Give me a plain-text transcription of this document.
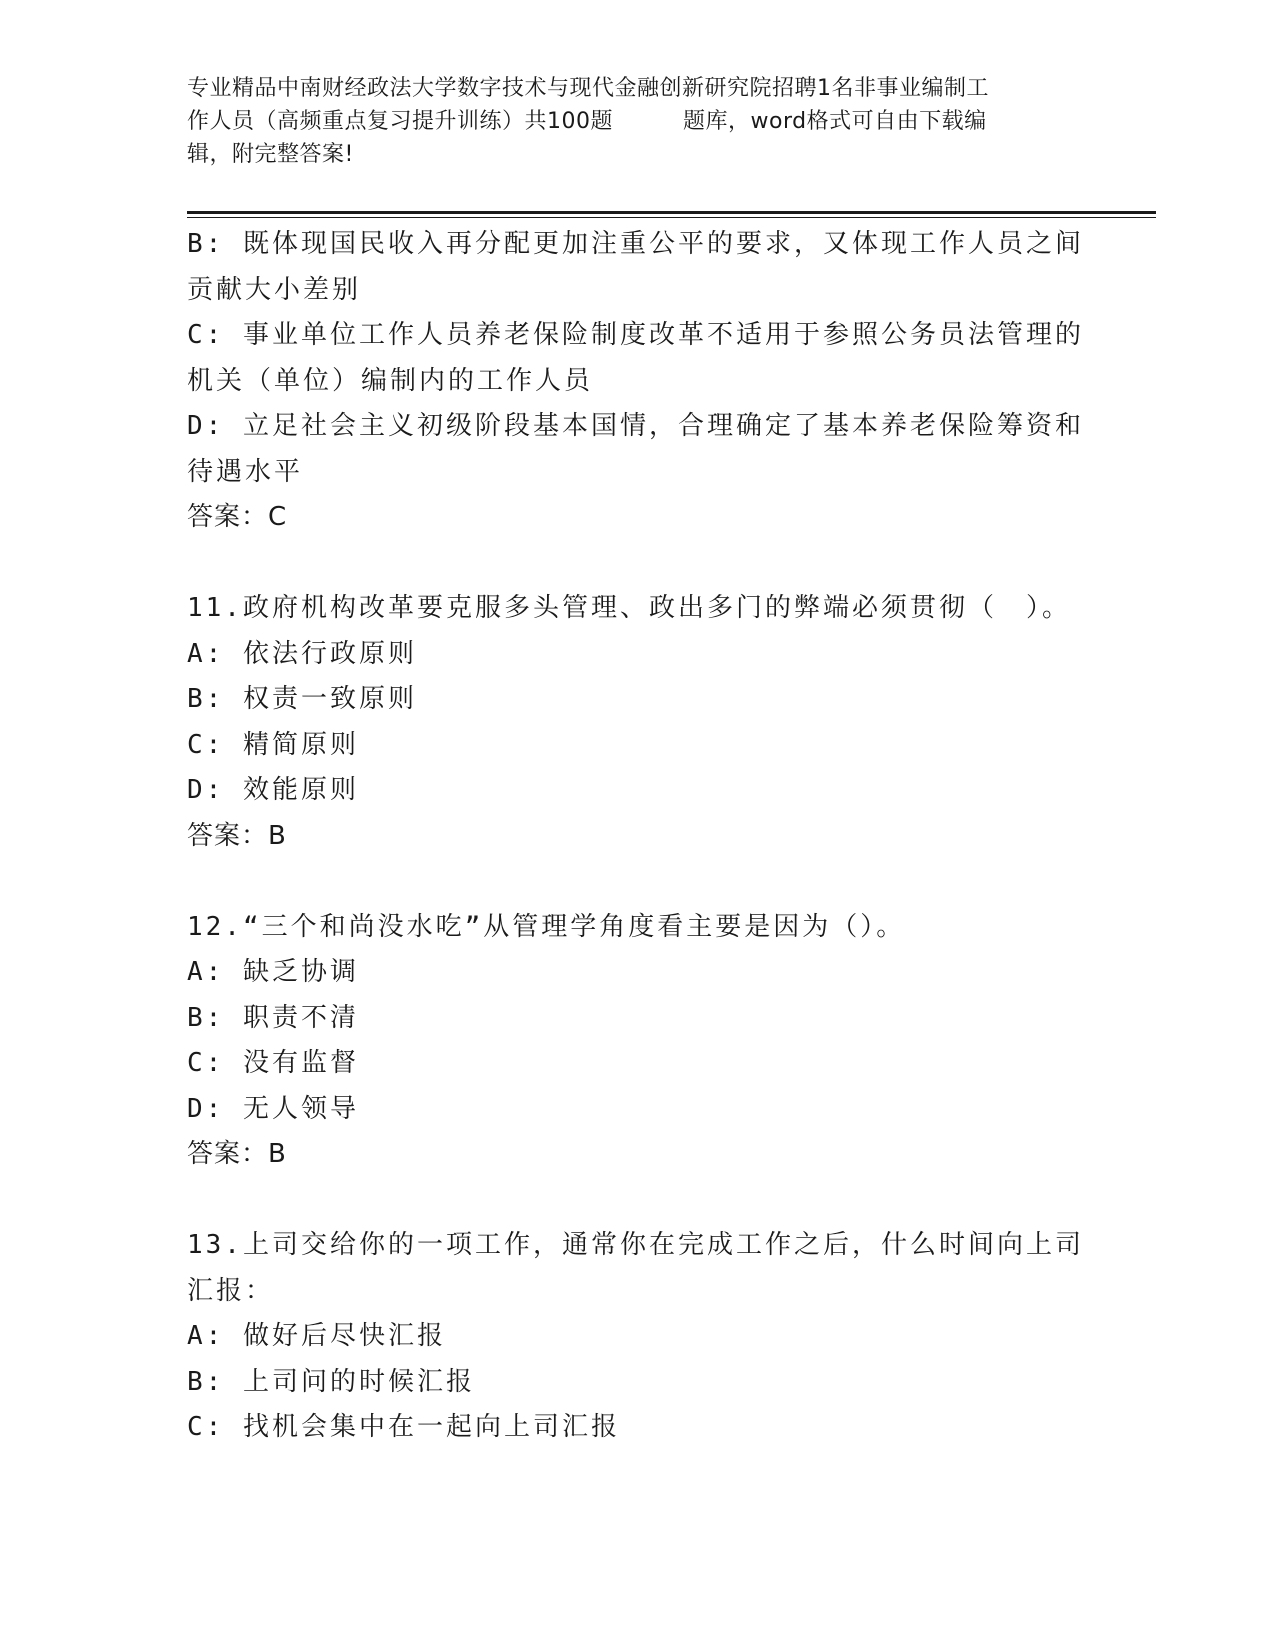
专业精品中南财经政法大学数字技术与现代金融创新研究院招聘1名非事业编制工
作人员（高频重点复习提升训练）共100题	题库，word格式可自由下载编
辑，附完整答案!

B: 既体现国民收入再分配更加注重公平的要求，又体现工作人员之间

贡献大小差别

C: 事业单位工作人员养老保险制度改革不适用于参照公务员法管理的

机关（单位）编制内的工作人员

D: 立足社会主义初级阶段基本国情，合理确定了基本养老保险筹资和

待遇水平

答案：C

11.政府机构改革要克服多头管理、政出多门的弊端必须贯彻（　）。

A: 依法行政原则

B: 权责一致原则

C: 精简原则

D: 效能原则

答案：B

12.“三个和尚没水吃”从管理学角度看主要是因为（）。

A: 缺乏协调

B: 职责不清

C: 没有监督

D: 无人领导

答案：B

13.上司交给你的一项工作，通常你在完成工作之后，什么时间向上司

汇报：

A: 做好后尽快汇报

B: 上司问的时候汇报

C: 找机会集中在一起向上司汇报
